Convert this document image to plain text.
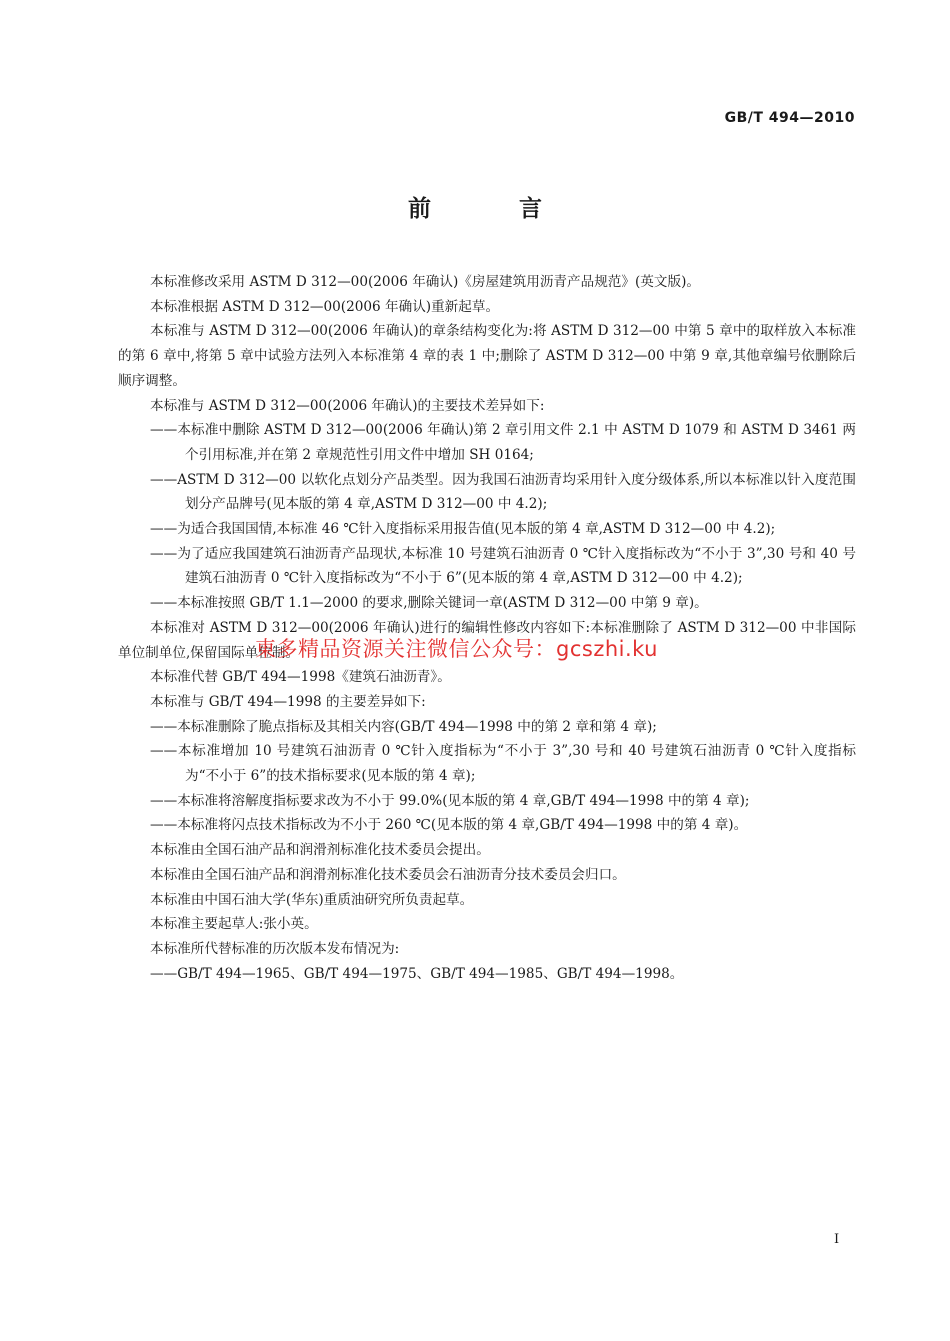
GB/T 494—2010
前 言

本标准修改采用 ASTM D 312—00(2006 年确认)《房屋建筑用沥青产品规范》(英文版)。

本标准根据 ASTM D 312—00(2006 年确认)重新起草。

本标准与 ASTM D 312—00(2006 年确认)的章条结构变化为:将 ASTM D 312—00 中第 5 章中的取样放入本标准的第 6 章中,将第 5 章中试验方法列入本标准第 4 章的表 1 中;删除了 ASTM D 312—00 中第 9 章,其他章编号依删除后顺序调整。

本标准与 ASTM D 312—00(2006 年确认)的主要技术差异如下:

——本标准中删除 ASTM D 312—00(2006 年确认)第 2 章引用文件 2.1 中 ASTM D 1079 和 ASTM D 3461 两个引用标准,并在第 2 章规范性引用文件中增加 SH 0164;

——ASTM D 312—00 以软化点划分产品类型。因为我国石油沥青均采用针入度分级体系,所以本标准以针入度范围划分产品牌号(见本版的第 4 章,ASTM D 312—00 中 4.2);

——为适合我国国情,本标准 46 ℃针入度指标采用报告值(见本版的第 4 章,ASTM D 312—00 中 4.2);

——为了适应我国建筑石油沥青产品现状,本标准 10 号建筑石油沥青 0 ℃针入度指标改为“不小于 3”,30 号和 40 号建筑石油沥青 0 ℃针入度指标改为“不小于 6”(见本版的第 4 章,ASTM D 312—00 中 4.2);

——本标准按照 GB/T 1.1—2000 的要求,删除关键词一章(ASTM D 312—00 中第 9 章)。

本标准对 ASTM D 312—00(2006 年确认)进行的编辑性修改内容如下:本标准删除了 ASTM D 312—00 中非国际单位制单位,保留国际单位制。

本标准代替 GB/T 494—1998《建筑石油沥青》。

本标准与 GB/T 494—1998 的主要差异如下:

——本标准删除了脆点指标及其相关内容(GB/T 494—1998 中的第 2 章和第 4 章);

——本标准增加 10 号建筑石油沥青 0 ℃针入度指标为“不小于 3”,30 号和 40 号建筑石油沥青 0 ℃针入度指标为“不小于 6”的技术指标要求(见本版的第 4 章);

——本标准将溶解度指标要求改为不小于 99.0%(见本版的第 4 章,GB/T 494—1998 中的第 4 章);

——本标准将闪点技术指标改为不小于 260 ℃(见本版的第 4 章,GB/T 494—1998 中的第 4 章)。

本标准由全国石油产品和润滑剂标准化技术委员会提出。

本标准由全国石油产品和润滑剂标准化技术委员会石油沥青分技术委员会归口。

本标准由中国石油大学(华东)重质油研究所负责起草。

本标准主要起草人:张小英。

本标准所代替标准的历次版本发布情况为:

——GB/T 494—1965、GB/T 494—1975、GB/T 494—1985、GB/T 494—1998。

東多精品资源关注微信公众号：gcszhi.ku
I
